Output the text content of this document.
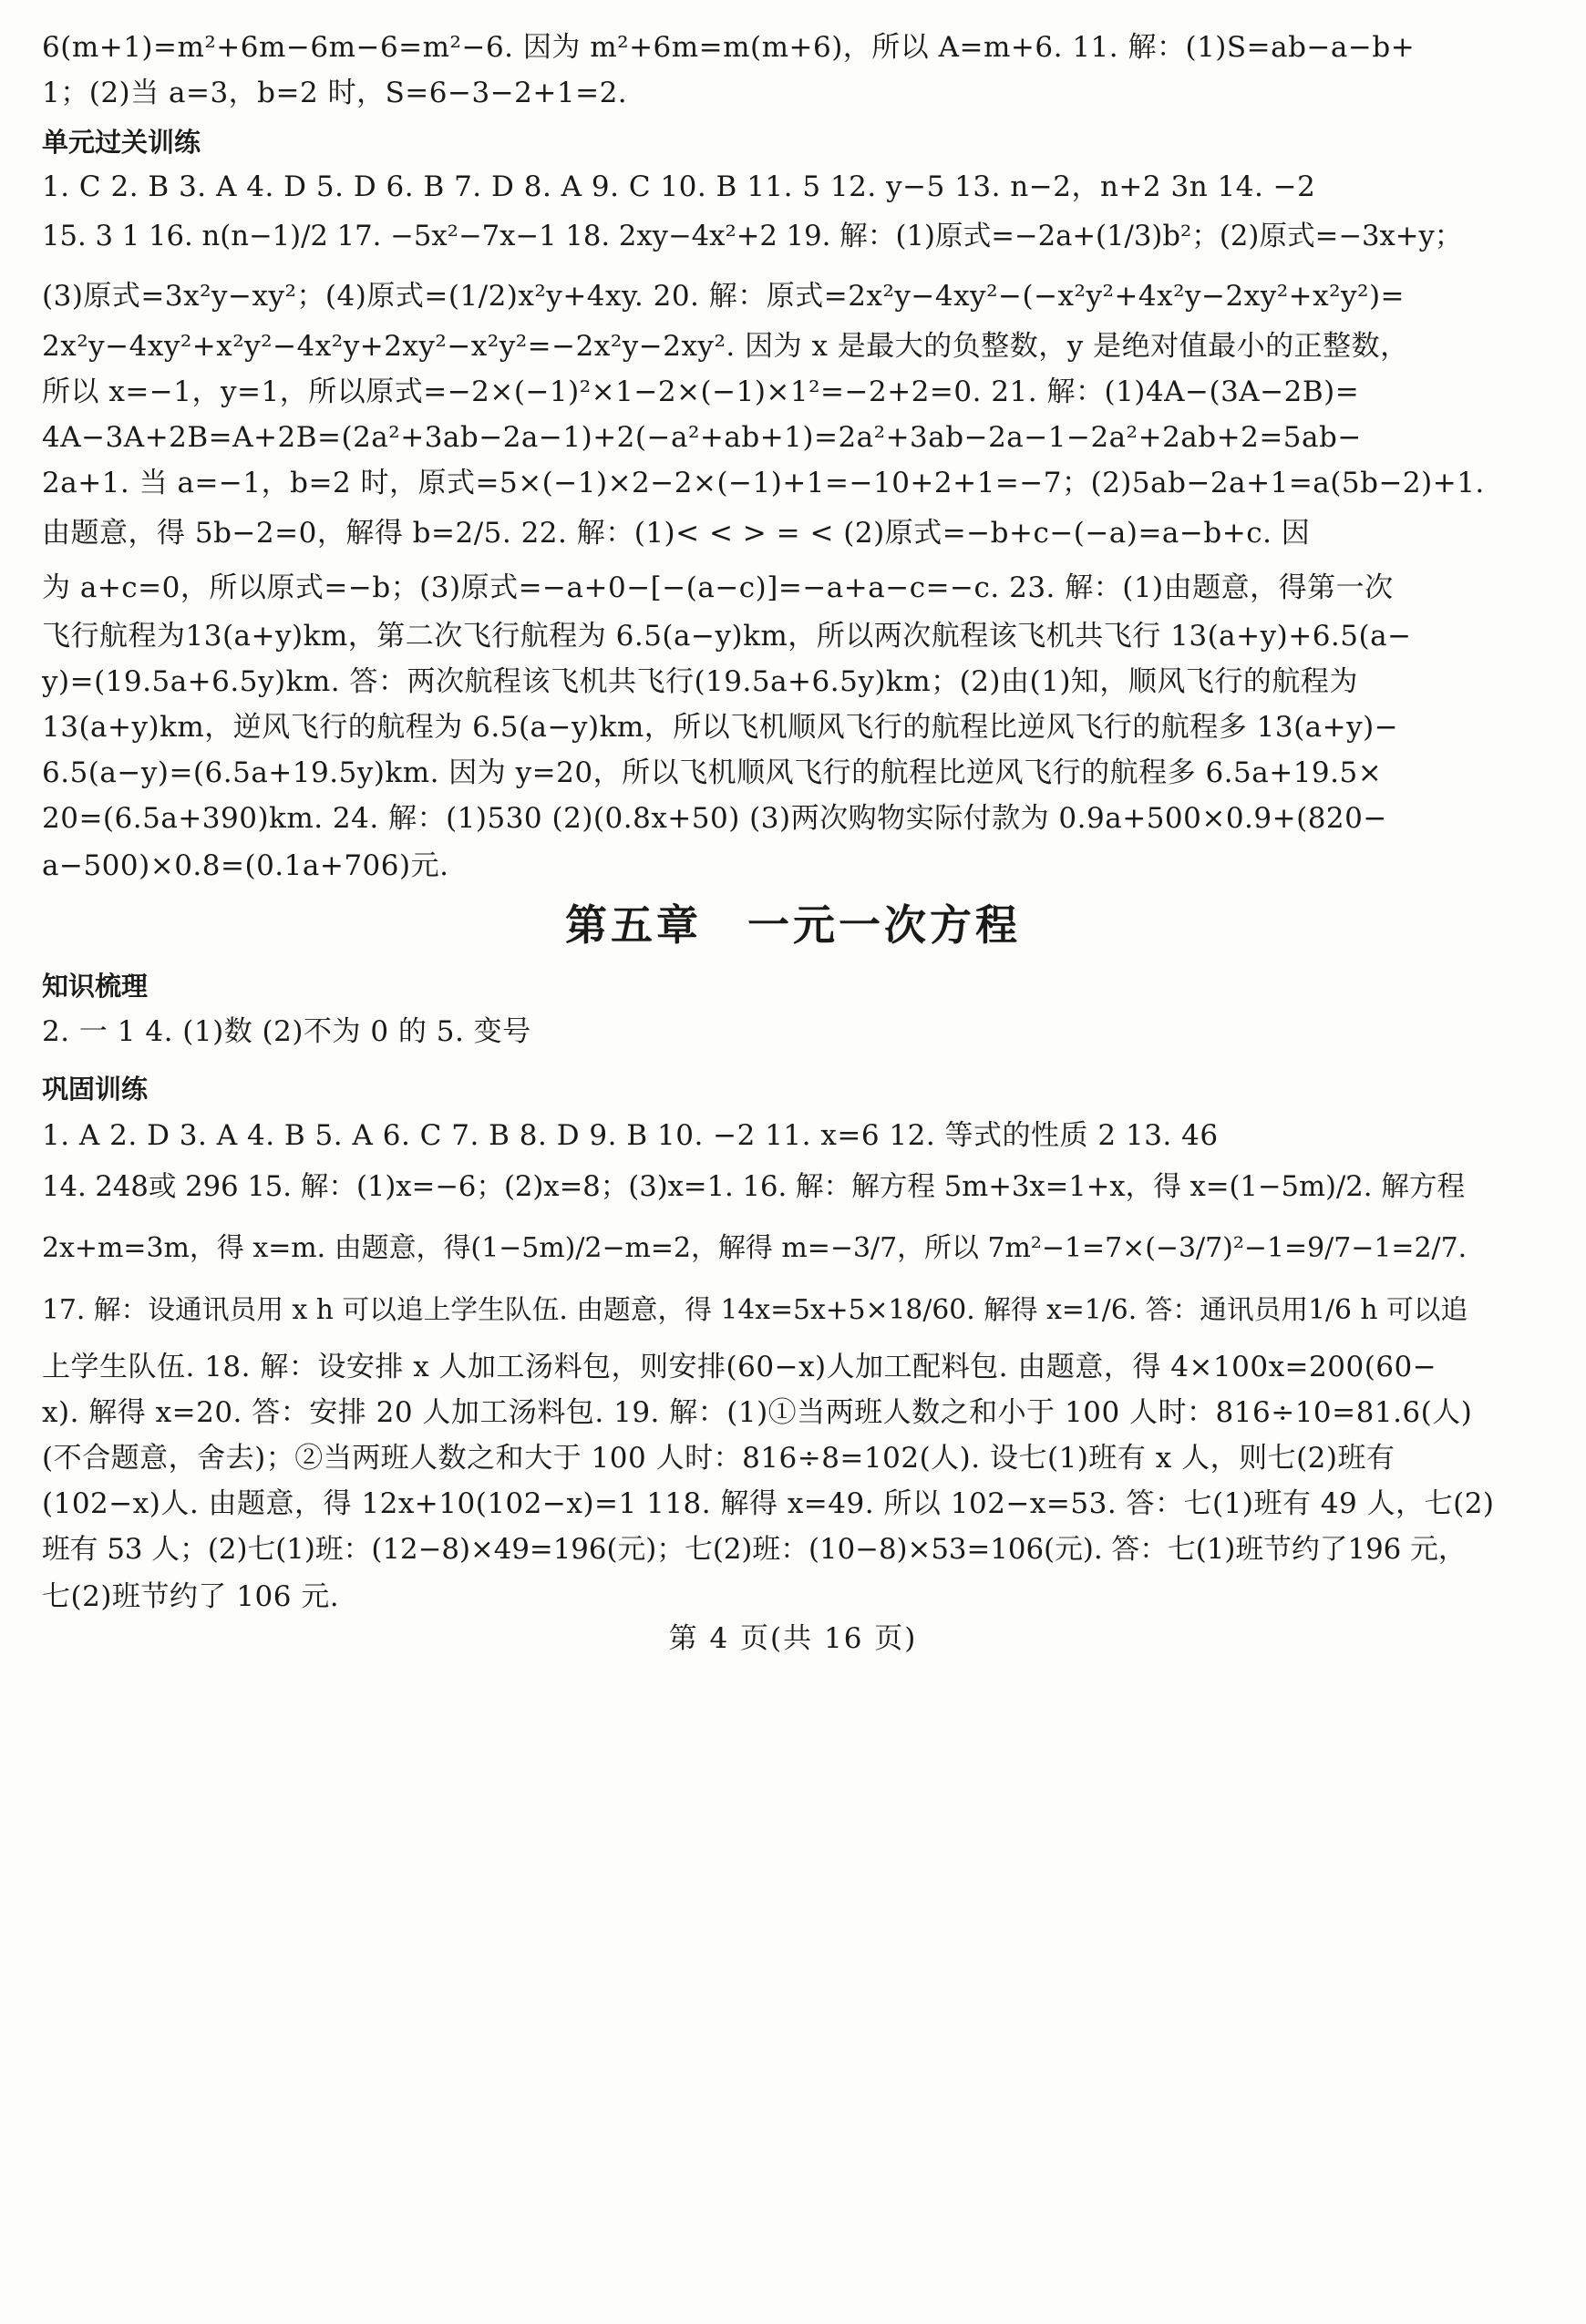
6(m+1)=m²+6m−6m−6=m²−6. 因为 m²+6m=m(m+6)，所以 A=m+6. 11. 解：(1)S=ab−a−b+
1；(2)当 a=3，b=2 时，S=6−3−2+1=2.
单元过关训练
1. C 2. B 3. A 4. D 5. D 6. B 7. D 8. A 9. C 10. B 11. 5 12. y−5 13. n−2，n+2 3n 14. −2
15. 3 1 16. n(n−1)/2 17. −5x²−7x−1 18. 2xy−4x²+2 19. 解：(1)原式=−2a+(1/3)b²；(2)原式=−3x+y；
(3)原式=3x²y−xy²；(4)原式=(1/2)x²y+4xy. 20. 解：原式=2x²y−4xy²−(−x²y²+4x²y−2xy²+x²y²)=
2x²y−4xy²+x²y²−4x²y+2xy²−x²y²=−2x²y−2xy². 因为 x 是最大的负整数，y 是绝对值最小的正整数，
所以 x=−1，y=1，所以原式=−2×(−1)²×1−2×(−1)×1²=−2+2=0. 21. 解：(1)4A−(3A−2B)=
4A−3A+2B=A+2B=(2a²+3ab−2a−1)+2(−a²+ab+1)=2a²+3ab−2a−1−2a²+2ab+2=5ab−
2a+1. 当 a=−1，b=2 时，原式=5×(−1)×2−2×(−1)+1=−10+2+1=−7；(2)5ab−2a+1=a(5b−2)+1.
由题意，得 5b−2=0，解得 b=2/5. 22. 解：(1)< < > = < (2)原式=−b+c−(−a)=a−b+c. 因
为 a+c=0，所以原式=−b；(3)原式=−a+0−[−(a−c)]=−a+a−c=−c. 23. 解：(1)由题意，得第一次
飞行航程为13(a+y)km，第二次飞行航程为 6.5(a−y)km，所以两次航程该飞机共飞行 13(a+y)+6.5(a−
y)=(19.5a+6.5y)km. 答：两次航程该飞机共飞行(19.5a+6.5y)km；(2)由(1)知，顺风飞行的航程为
13(a+y)km，逆风飞行的航程为 6.5(a−y)km，所以飞机顺风飞行的航程比逆风飞行的航程多 13(a+y)−
6.5(a−y)=(6.5a+19.5y)km. 因为 y=20，所以飞机顺风飞行的航程比逆风飞行的航程多 6.5a+19.5×
20=(6.5a+390)km. 24. 解：(1)530 (2)(0.8x+50) (3)两次购物实际付款为 0.9a+500×0.9+(820−
a−500)×0.8=(0.1a+706)元.
第五章　一元一次方程
知识梳理
2. 一 1 4. (1)数 (2)不为 0 的 5. 变号
巩固训练
1. A 2. D 3. A 4. B 5. A 6. C 7. B 8. D 9. B 10. −2 11. x=6 12. 等式的性质 2 13. 46
14. 248或 296 15. 解：(1)x=−6；(2)x=8；(3)x=1. 16. 解：解方程 5m+3x=1+x，得 x=(1−5m)/2. 解方程
2x+m=3m，得 x=m. 由题意，得(1−5m)/2−m=2，解得 m=−3/7，所以 7m²−1=7×(−3/7)²−1=9/7−1=2/7.
17. 解：设通讯员用 x h 可以追上学生队伍. 由题意，得 14x=5x+5×18/60. 解得 x=1/6. 答：通讯员用1/6 h 可以追
上学生队伍. 18. 解：设安排 x 人加工汤料包，则安排(60−x)人加工配料包. 由题意，得 4×100x=200(60−
x). 解得 x=20. 答：安排 20 人加工汤料包. 19. 解：(1)①当两班人数之和小于 100 人时：816÷10=81.6(人)
(不合题意，舍去)；②当两班人数之和大于 100 人时：816÷8=102(人). 设七(1)班有 x 人，则七(2)班有
(102−x)人. 由题意，得 12x+10(102−x)=1 118. 解得 x=49. 所以 102−x=53. 答：七(1)班有 49 人，七(2)
班有 53 人；(2)七(1)班：(12−8)×49=196(元)；七(2)班：(10−8)×53=106(元). 答：七(1)班节约了196 元，
七(2)班节约了 106 元.
第 4 页(共 16 页)
